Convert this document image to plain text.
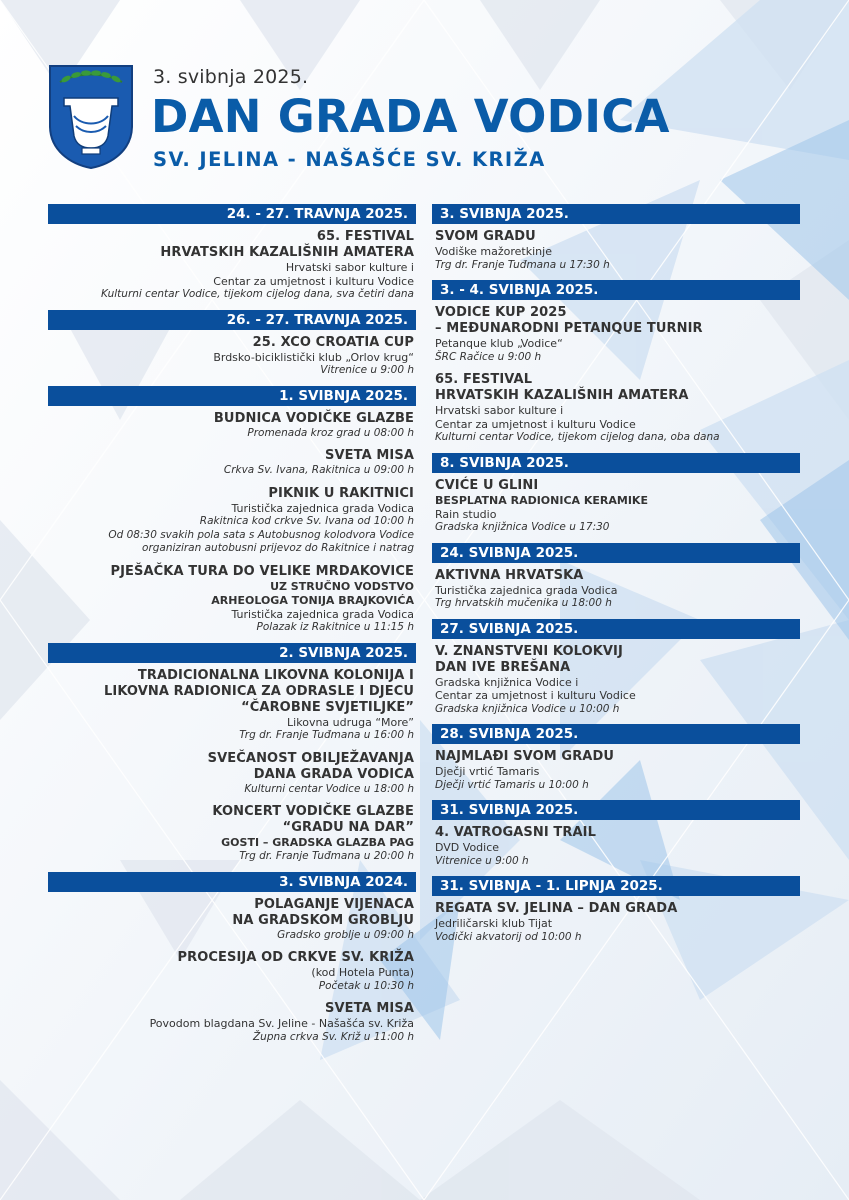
3. svibnja 2025.
DAN GRADA VODICA
SV. JELINA - NAŠAŠĆE SV. KRIŽA
24. - 27. TRAVNJA 2025.
65. FESTIVAL
HRVATSKIH KAZALIŠNIH AMATERA
Hrvatski sabor kulture i
Centar za umjetnost i kulturu Vodice
Kulturni centar Vodice, tijekom cijelog dana, sva četiri dana
26. - 27. TRAVNJA 2025.
25. XCO CROATIA CUP
Brdsko-biciklistički klub „Orlov krug“
Vitrenice u 9:00 h
1. SVIBNJA 2025.
BUDNICA VODIČKE GLAZBE
Promenada kroz grad u 08:00 h
SVETA MISA
Crkva Sv. Ivana, Rakitnica u 09:00 h
PIKNIK U RAKITNICI
Turistička zajednica grada Vodica
Rakitnica kod crkve Sv. Ivana od 10:00 h
Od 08:30 svakih pola sata s Autobusnog kolodvora Vodice
organiziran autobusni prijevoz do Rakitnice i natrag
PJEŠAČKA TURA DO VELIKE MRDAKOVICE
UZ STRUČNO VODSTVO
ARHEOLOGA TONIJA BRAJKOVIĆA
Turistička zajednica grada Vodica
Polazak iz Rakitnice u 11:15 h
2. SVIBNJA 2025.
TRADICIONALNA LIKOVNA KOLONIJA I
LIKOVNA RADIONICA ZA ODRASLE I DJECU
“ČAROBNE SVJETILJKE”
Likovna udruga “More”
Trg dr. Franje Tuđmana u 16:00 h
SVEČANOST OBILJEŽAVANJA
DANA GRADA VODICA
Kulturni centar Vodice u 18:00 h
KONCERT VODIČKE GLAZBE
“GRADU NA DAR”
GOSTI – GRADSKA GLAZBA PAG
Trg dr. Franje Tuđmana u 20:00 h
3. SVIBNJA 2024.
POLAGANJE VIJENACA
NA GRADSKOM GROBLJU
Gradsko groblje u 09:00 h
PROCESIJA OD CRKVE SV. KRIŽA
(kod Hotela Punta)
Početak u 10:30 h
SVETA MISA
Povodom blagdana Sv. Jeline - Našašća sv. Križa
Župna crkva Sv. Križ u 11:00 h
3. SVIBNJA 2025.
SVOM GRADU
Vodiške mažoretkinje
Trg dr. Franje Tuđmana u 17:30 h
3. - 4. SVIBNJA 2025.
VODICE KUP 2025
– MEĐUNARODNI PETANQUE TURNIR
Petanque klub „Vodice“
ŠRC Račice u 9:00 h
65. FESTIVAL
HRVATSKIH KAZALIŠNIH AMATERA
Hrvatski sabor kulture i
Centar za umjetnost i kulturu Vodice
Kulturni centar Vodice, tijekom cijelog dana, oba dana
8. SVIBNJA 2025.
CVIĆE U GLINI
BESPLATNA RADIONICA KERAMIKE
Rain studio
Gradska knjižnica Vodice u 17:30
24. SVIBNJA 2025.
AKTIVNA HRVATSKA
Turistička zajednica grada Vodica
Trg hrvatskih mučenika u 18:00 h
27. SVIBNJA 2025.
V. ZNANSTVENI KOLOKVIJ
DAN IVE BREŠANA
Gradska knjižnica Vodice i
Centar za umjetnost i kulturu Vodice
Gradska knjižnica Vodice u 10:00 h
28. SVIBNJA 2025.
NAJMLAĐI SVOM GRADU
Dječji vrtić Tamaris
Dječji vrtić Tamaris u 10:00 h
31. SVIBNJA 2025.
4. VATROGASNI TRAIL
DVD Vodice
Vitrenice u 9:00 h
31. SVIBNJA - 1. LIPNJA 2025.
REGATA SV. JELINA – DAN GRADA
Jedriličarski klub Tijat
Vodički akvatorij od 10:00 h
